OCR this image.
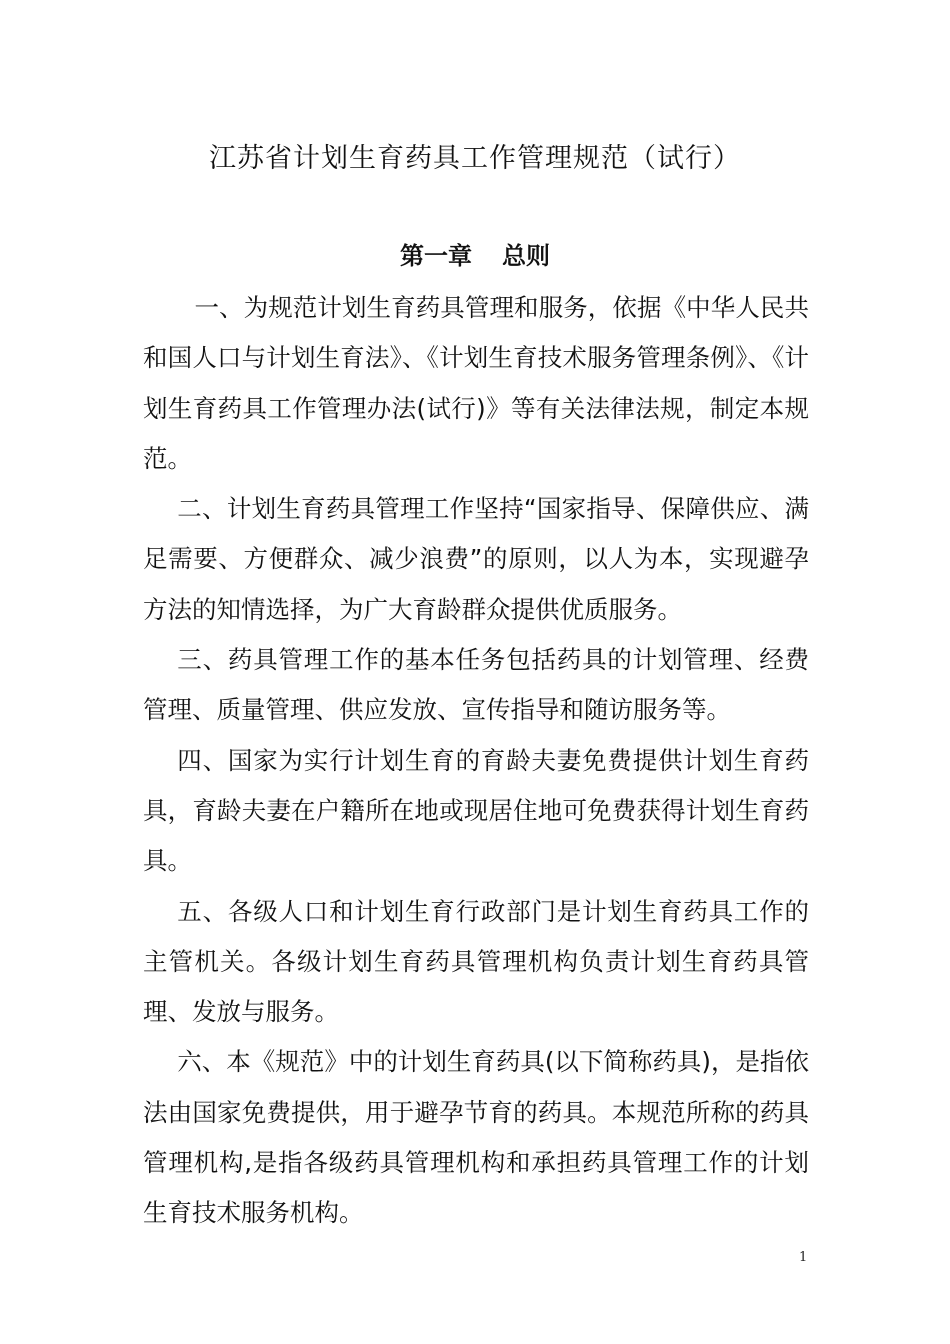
江苏省计划生育药具工作管理规范（试行）
第一章 总则

一、为规范计划生育药具管理和服务，依据《中华人民共和国人口与计划生育法》、《计划生育技术服务管理条例》、《计划生育药具工作管理办法(试行)》等有关法律法规，制定本规范。

二、计划生育药具管理工作坚持“国家指导、保障供应、满足需要、方便群众、减少浪费”的原则，以人为本，实现避孕方法的知情选择，为广大育龄群众提供优质服务。

三、药具管理工作的基本任务包括药具的计划管理、经费管理、质量管理、供应发放、宣传指导和随访服务等。

四、国家为实行计划生育的育龄夫妻免费提供计划生育药具，育龄夫妻在户籍所在地或现居住地可免费获得计划生育药具。

五、各级人口和计划生育行政部门是计划生育药具工作的主管机关。各级计划生育药具管理机构负责计划生育药具管理、发放与服务。

六、本《规范》中的计划生育药具(以下简称药具)，是指依法由国家免费提供，用于避孕节育的药具。本规范所称的药具管理机构,是指各级药具管理机构和承担药具管理工作的计划生育技术服务机构。

1
